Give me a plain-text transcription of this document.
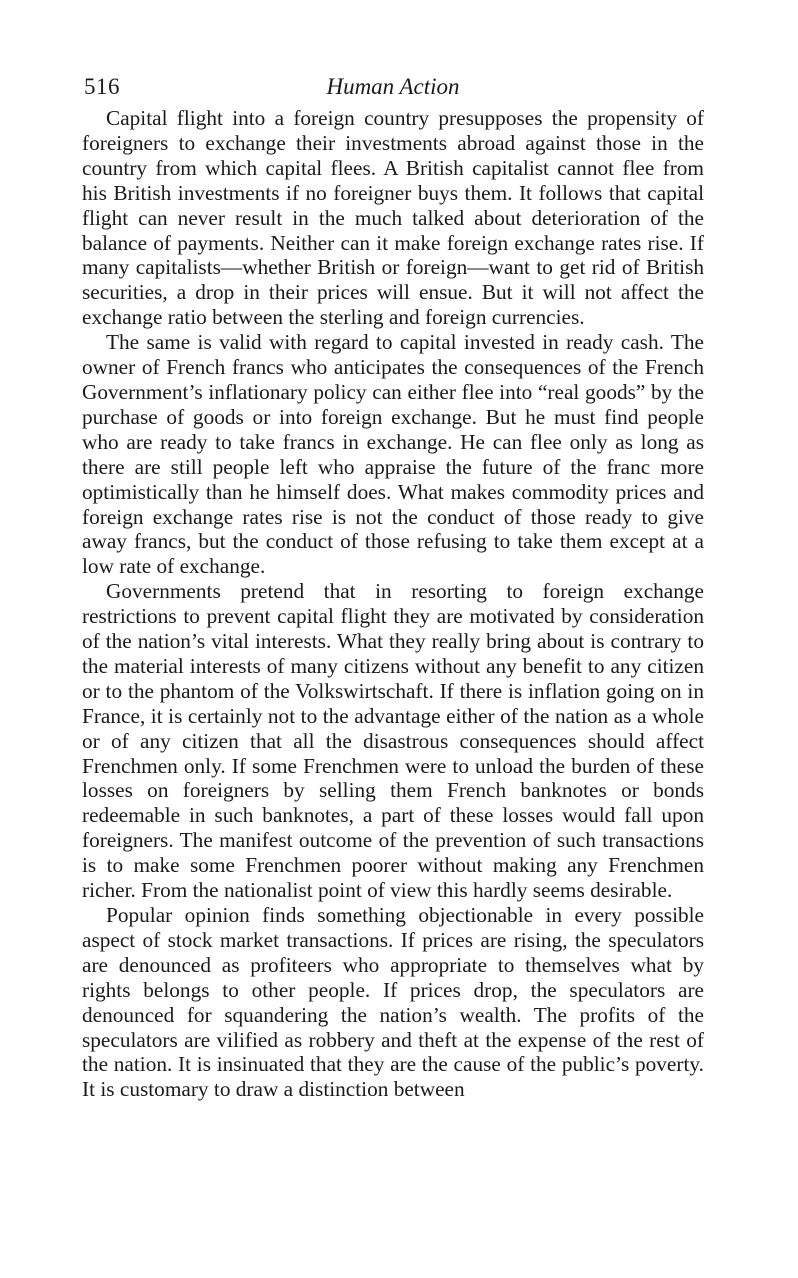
516	Human Action

Capital flight into a foreign country presupposes the propensity of foreigners to exchange their investments abroad against those in the country from which capital flees. A British capitalist cannot flee from his British investments if no foreigner buys them. It follows that capital flight can never result in the much talked about deterioration of the balance of payments. Neither can it make foreign exchange rates rise. If many capitalists—whether British or foreign—want to get rid of British securities, a drop in their prices will ensue. But it will not affect the exchange ratio between the sterling and foreign currencies.

The same is valid with regard to capital invested in ready cash. The owner of French francs who anticipates the consequences of the French Government’s inflationary policy can either flee into “real goods” by the purchase of goods or into foreign exchange. But he must find people who are ready to take francs in exchange. He can flee only as long as there are still people left who appraise the future of the franc more optimistically than he himself does. What makes commodity prices and foreign exchange rates rise is not the conduct of those ready to give away francs, but the conduct of those refusing to take them except at a low rate of exchange.

Governments pretend that in resorting to foreign exchange restrictions to prevent capital flight they are motivated by consideration of the nation’s vital interests. What they really bring about is contrary to the material interests of many citizens without any benefit to any citizen or to the phantom of the Volkswirtschaft. If there is inflation going on in France, it is certainly not to the advantage either of the nation as a whole or of any citizen that all the disastrous consequences should affect Frenchmen only. If some Frenchmen were to unload the burden of these losses on foreigners by selling them French banknotes or bonds redeemable in such banknotes, a part of these losses would fall upon foreigners. The manifest outcome of the prevention of such transactions is to make some Frenchmen poorer without making any Frenchmen richer. From the nationalist point of view this hardly seems desirable.

Popular opinion finds something objectionable in every possible aspect of stock market transactions. If prices are rising, the speculators are denounced as profiteers who appropriate to themselves what by rights belongs to other people. If prices drop, the speculators are denounced for squandering the nation’s wealth. The profits of the speculators are vilified as robbery and theft at the expense of the rest of the nation. It is insinuated that they are the cause of the public’s poverty. It is customary to draw a distinction between
